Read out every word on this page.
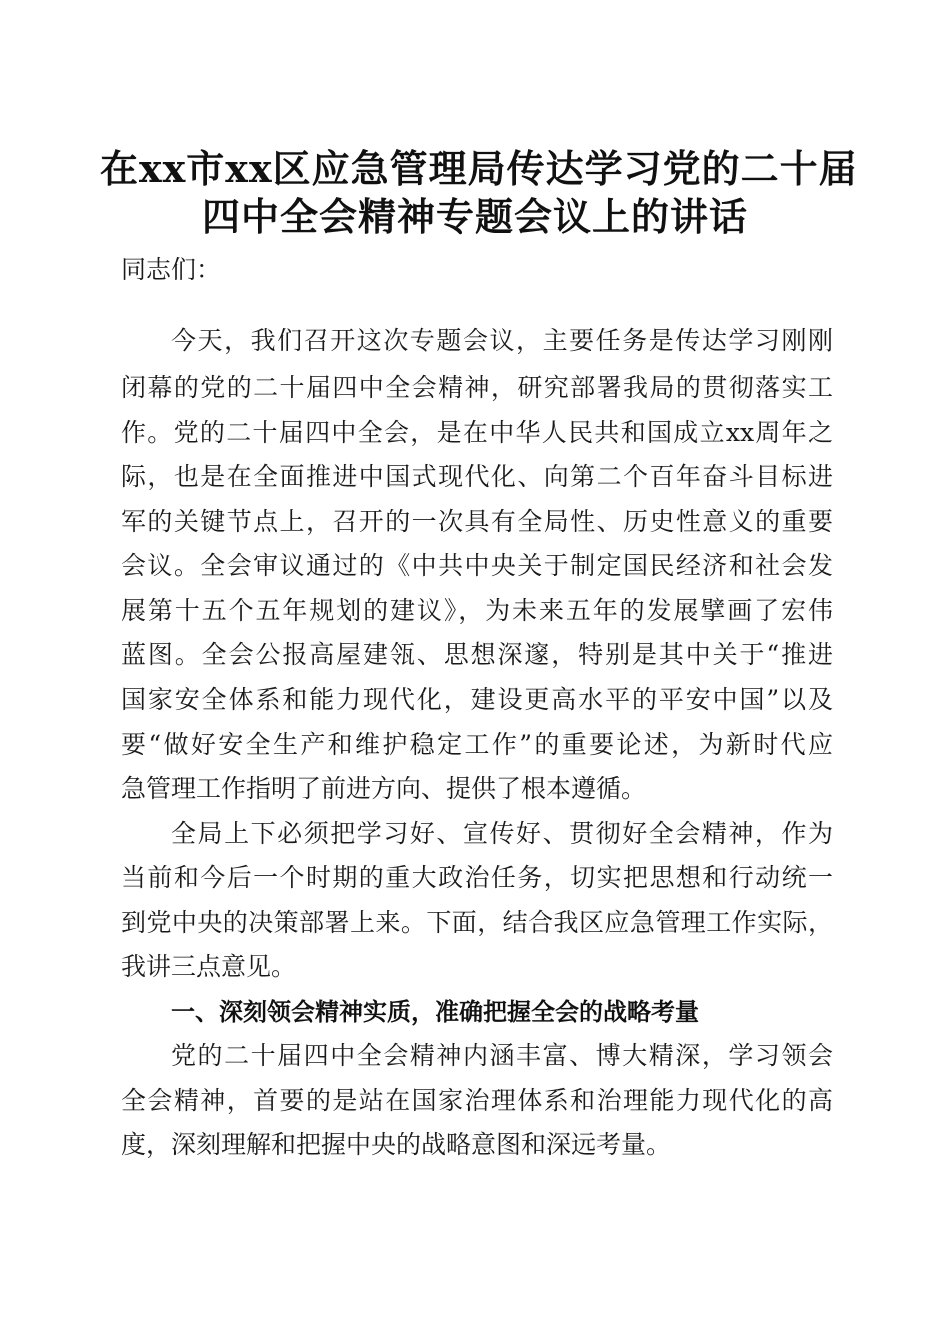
在xx市xx区应急管理局传达学习党的二十届
四中全会精神专题会议上的讲话
同志们：
今天，我们召开这次专题会议，主要任务是传达学习刚刚
闭幕的党的二十届四中全会精神，研究部署我局的贯彻落实工
作。党的二十届四中全会，是在中华人民共和国成立xx周年之
际，也是在全面推进中国式现代化、向第二个百年奋斗目标进
军的关键节点上，召开的一次具有全局性、历史性意义的重要
会议。全会审议通过的《中共中央关于制定国民经济和社会发
展第十五个五年规划的建议》，为未来五年的发展擘画了宏伟
蓝图。全会公报高屋建瓴、思想深邃，特别是其中关于“推进
国家安全体系和能力现代化，建设更高水平的平安中国”以及
要“做好安全生产和维护稳定工作”的重要论述，为新时代应
急管理工作指明了前进方向、提供了根本遵循。
全局上下必须把学习好、宣传好、贯彻好全会精神，作为
当前和今后一个时期的重大政治任务，切实把思想和行动统一
到党中央的决策部署上来。下面，结合我区应急管理工作实际，
我讲三点意见。
一、深刻领会精神实质，准确把握全会的战略考量
党的二十届四中全会精神内涵丰富、博大精深，学习领会
全会精神，首要的是站在国家治理体系和治理能力现代化的高
度，深刻理解和把握中央的战略意图和深远考量。
